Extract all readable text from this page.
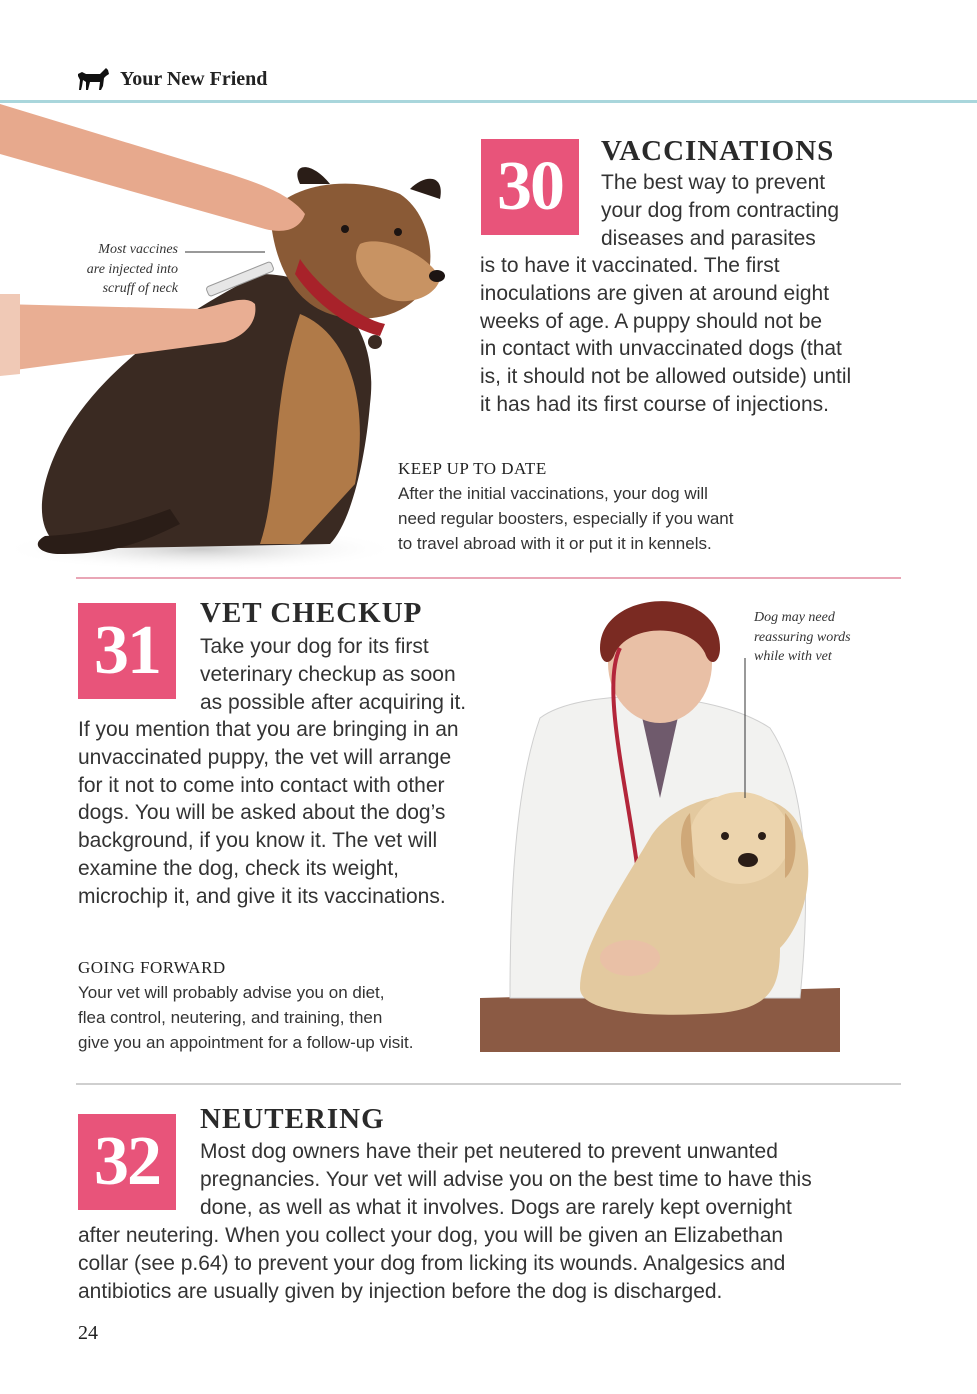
Your New Friend
Most vaccines
are injected into
scruff of neck
30 VACCINATIONS
The best way to prevent
your dog from contracting
diseases and parasites
is to have it vaccinated. The first
inoculations are given at around eight
weeks of age. A puppy should not be
in contact with unvaccinated dogs (that
is, it should not be allowed outside) until
it has had its first course of injections.
KEEP UP TO DATE
After the initial vaccinations, your dog will
need regular boosters, especially if you want
to travel abroad with it or put it in kennels.
31 VET CHECKUP
Take your dog for its first
veterinary checkup as soon
as possible after acquiring it.
If you mention that you are bringing in an
unvaccinated puppy, the vet will arrange
for it not to come into contact with other
dogs. You will be asked about the dog’s
background, if you know it. The vet will
examine the dog, check its weight,
microchip it, and give it its vaccinations.
GOING FORWARD
Your vet will probably advise you on diet,
flea control, neutering, and training, then
give you an appointment for a follow-up visit.
Dog may need
reassuring words
while with vet
32
NEUTERING
Most dog owners have their pet neutered to prevent unwanted
pregnancies. Your vet will advise you on the best time to have this
done, as well as what it involves. Dogs are rarely kept overnight
after neutering. When you collect your dog, you will be given an Elizabethan
collar (see p.64) to prevent your dog from licking its wounds. Analgesics and
antibiotics are usually given by injection before the dog is discharged.
24
